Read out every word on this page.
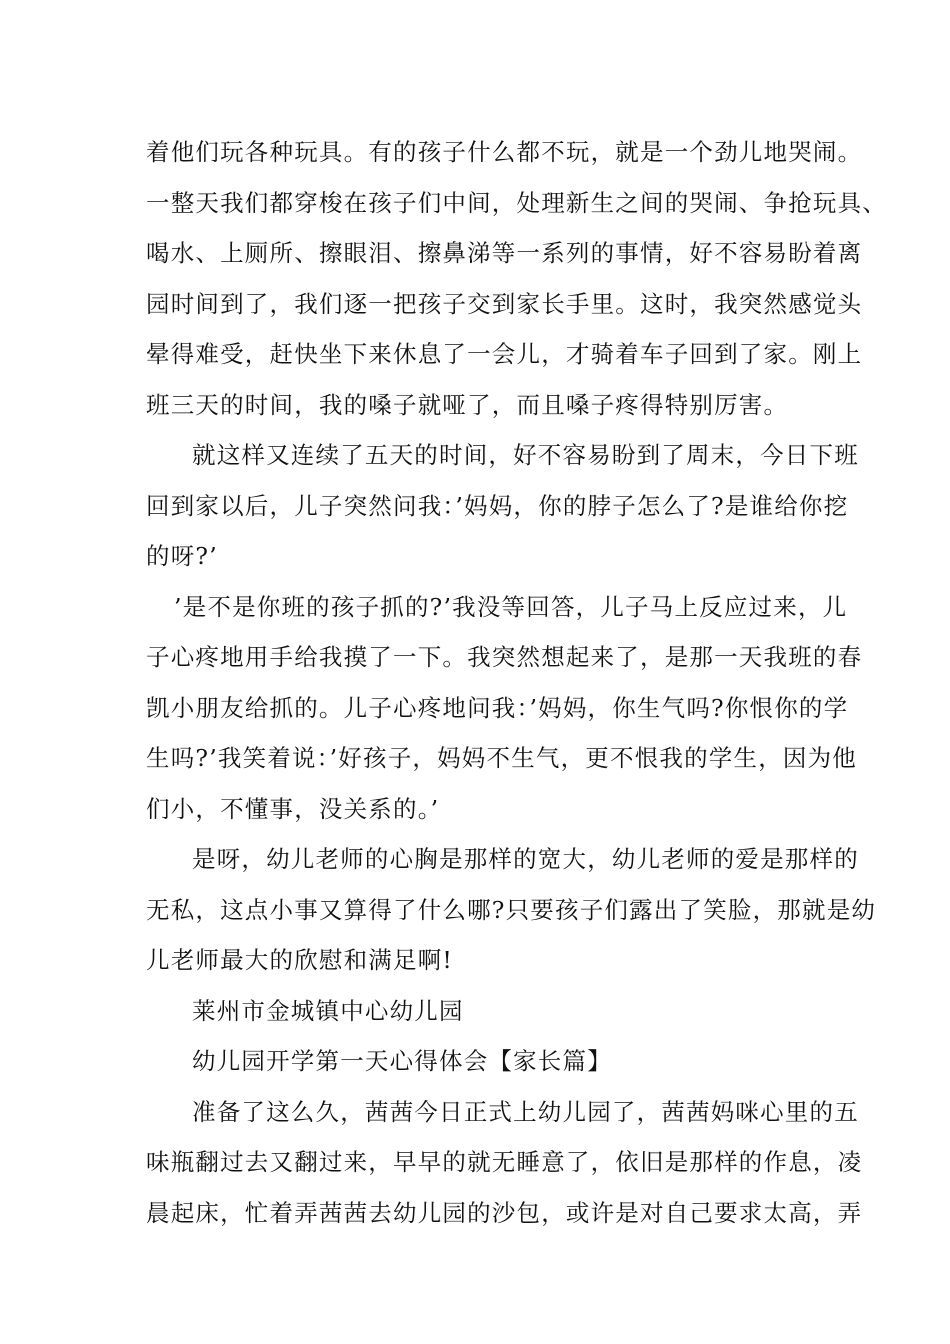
着他们玩各种玩具。有的孩子什么都不玩，就是一个劲儿地哭闹。
一整天我们都穿梭在孩子们中间，处理新生之间的哭闹、争抢玩具、
喝水、上厕所、擦眼泪、擦鼻涕等一系列的事情，好不容易盼着离
园时间到了，我们逐一把孩子交到家长手里。这时，我突然感觉头
晕得难受，赶快坐下来休息了一会儿，才骑着车子回到了家。刚上
班三天的时间，我的嗓子就哑了，而且嗓子疼得特别厉害。
就这样又连续了五天的时间，好不容易盼到了周末，今日下班
回到家以后，儿子突然问我：’妈妈，你的脖子怎么了?是谁给你挖
的呀?’
’是不是你班的孩子抓的?’我没等回答，儿子马上反应过来，儿
子心疼地用手给我摸了一下。我突然想起来了，是那一天我班的春
凯小朋友给抓的。儿子心疼地问我：’妈妈，你生气吗?你恨你的学
生吗?’我笑着说：’好孩子，妈妈不生气，更不恨我的学生，因为他
们小，不懂事，没关系的。’
是呀，幼儿老师的心胸是那样的宽大，幼儿老师的爱是那样的
无私，这点小事又算得了什么哪?只要孩子们露出了笑脸，那就是幼
儿老师最大的欣慰和满足啊!
莱州市金城镇中心幼儿园
幼儿园开学第一天心得体会【家长篇】
准备了这么久，茜茜今日正式上幼儿园了，茜茜妈咪心里的五
味瓶翻过去又翻过来，早早的就无睡意了，依旧是那样的作息，凌
晨起床，忙着弄茜茜去幼儿园的沙包，或许是对自己要求太高，弄
